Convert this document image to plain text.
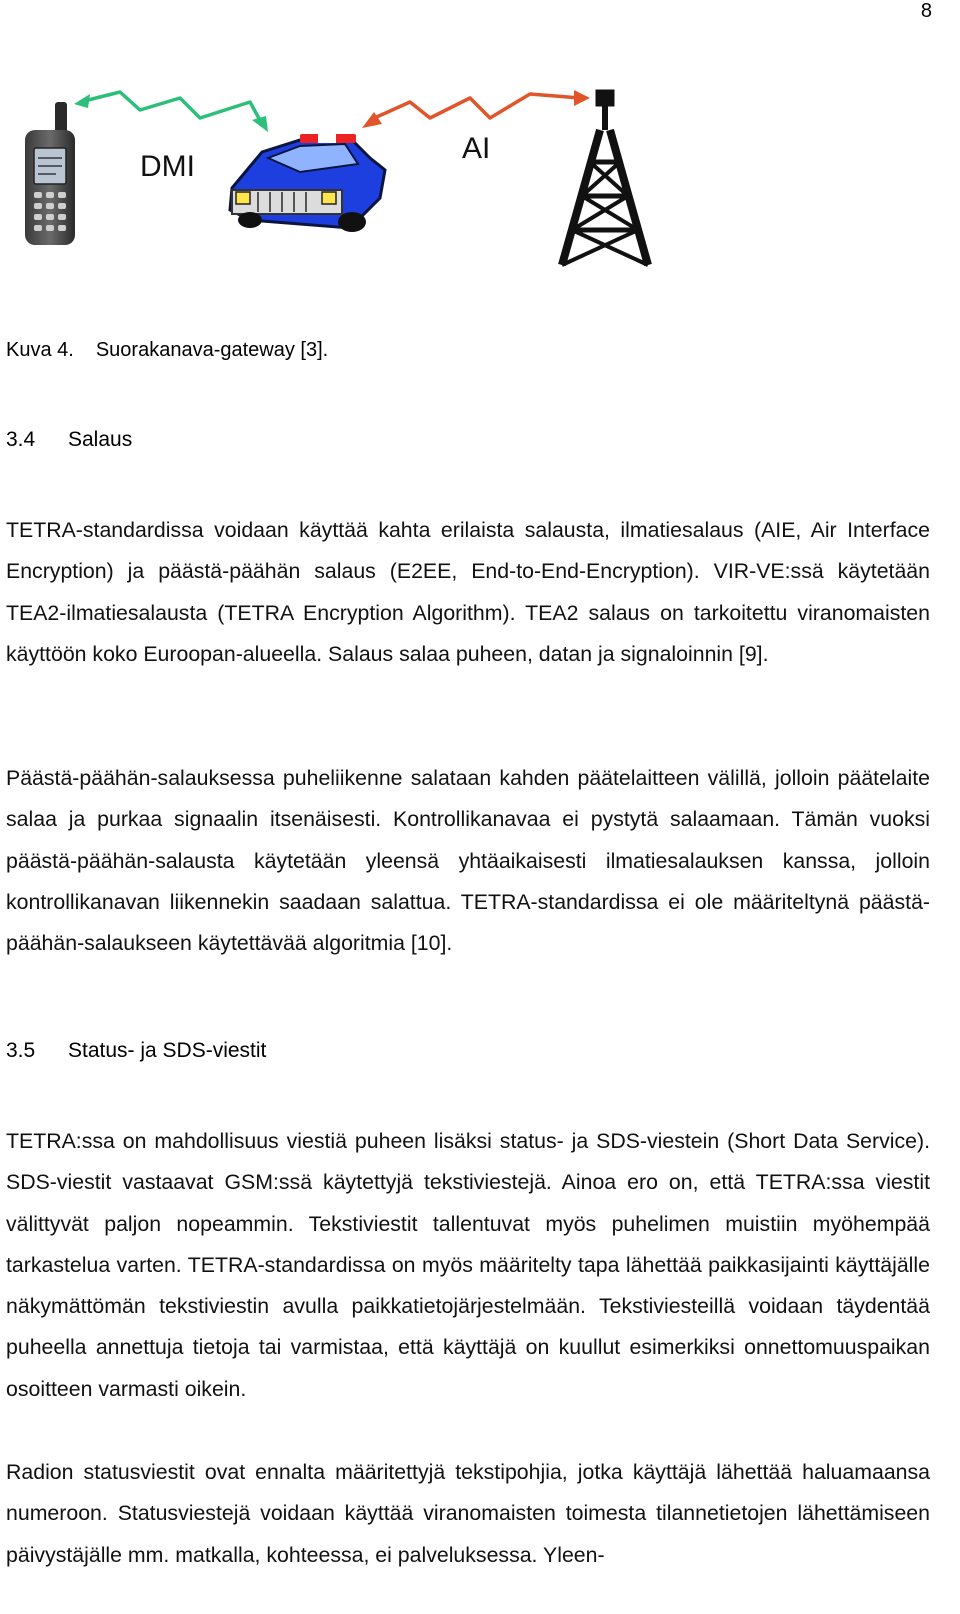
8
DMI
AI
Kuva 4. Suorakanava-gateway [3].
3.4 Salaus

TETRA-standardissa voidaan käyttää kahta erilaista salausta, ilmatiesalaus (AIE, Air Interface Encryption) ja päästä-päähän salaus (E2EE, End-to-End-Encryption). VIR-VE:ssä käytetään TEA2-ilmatiesalausta (TETRA Encryption Algorithm). TEA2 salaus on tarkoitettu viranomaisten käyttöön koko Euroopan-alueella. Salaus salaa puheen, datan ja signaloinnin [9].

Päästä-päähän-salauksessa puheliikenne salataan kahden päätelaitteen välillä, jolloin päätelaite salaa ja purkaa signaalin itsenäisesti. Kontrollikanavaa ei pystytä salaamaan. Tämän vuoksi päästä-päähän-salausta käytetään yleensä yhtäaikaisesti ilmatiesalauksen kanssa, jolloin kontrollikanavan liikennekin saadaan salattua. TETRA-standardissa ei ole määriteltynä päästä-päähän-salaukseen käytettävää algoritmia [10].

3.5 Status- ja SDS-viestit

TETRA:ssa on mahdollisuus viestiä puheen lisäksi status- ja SDS-viestein (Short Data Service). SDS-viestit vastaavat GSM:ssä käytettyjä tekstiviestejä. Ainoa ero on, että TETRA:ssa viestit välittyvät paljon nopeammin. Tekstiviestit tallentuvat myös puhelimen muistiin myöhempää tarkastelua varten. TETRA-standardissa on myös määritelty tapa lähettää paikkasijainti käyttäjälle näkymättömän tekstiviestin avulla paikkatietojärjestelmään. Tekstiviesteillä voidaan täydentää puheella annettuja tietoja tai varmistaa, että käyttäjä on kuullut esimerkiksi onnettomuuspaikan osoitteen varmasti oikein.

Radion statusviestit ovat ennalta määritettyjä tekstipohjia, jotka käyttäjä lähettää haluamaansa numeroon. Statusviestejä voidaan käyttää viranomaisten toimesta tilannetietojen lähettämiseen päivystäjälle mm. matkalla, kohteessa, ei palveluksessa. Yleen-
